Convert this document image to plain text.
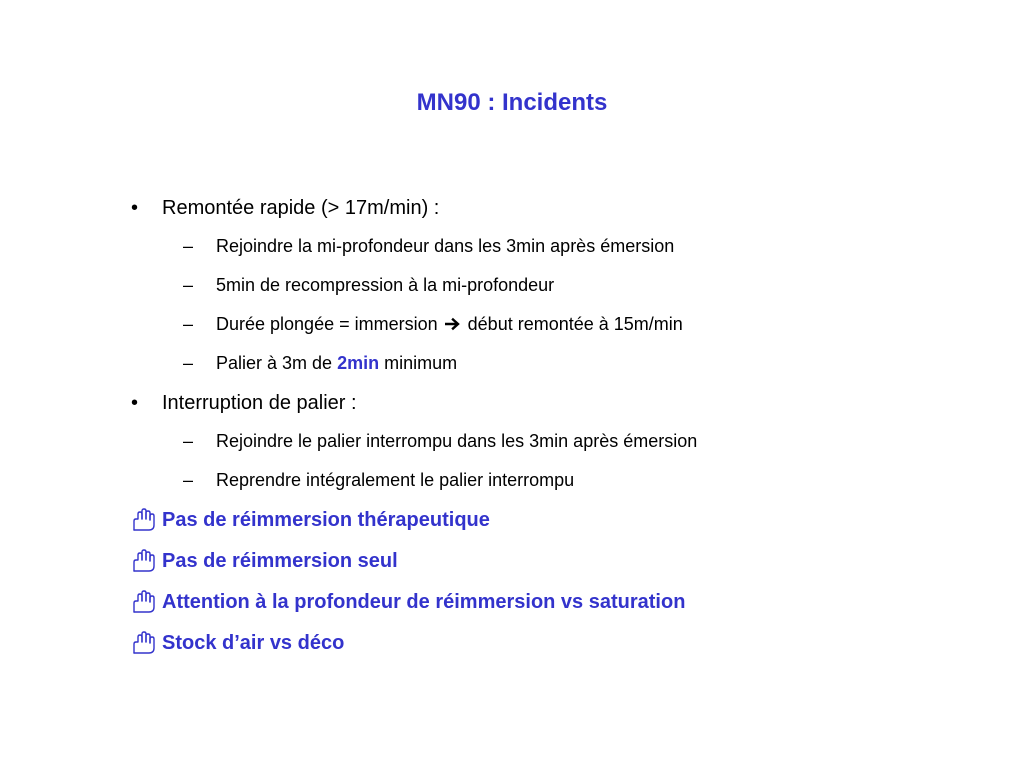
MN90 : Incidents
•	Remontée rapide (> 17m/min) :
– Rejoindre la mi-profondeur dans les 3min après émersion
– 5min de recompression à la mi-profondeur
– Durée plongée = immersion début remontée à 15m/min
– Palier à 3m de 2min minimum
•	Interruption de palier :
– Rejoindre le palier interrompu dans les 3min après émersion
– Reprendre intégralement le palier interrompu
Pas de réimmersion thérapeutique
Pas de réimmersion seul
Attention à la profondeur de réimmersion vs saturation
Stock d’air vs déco
